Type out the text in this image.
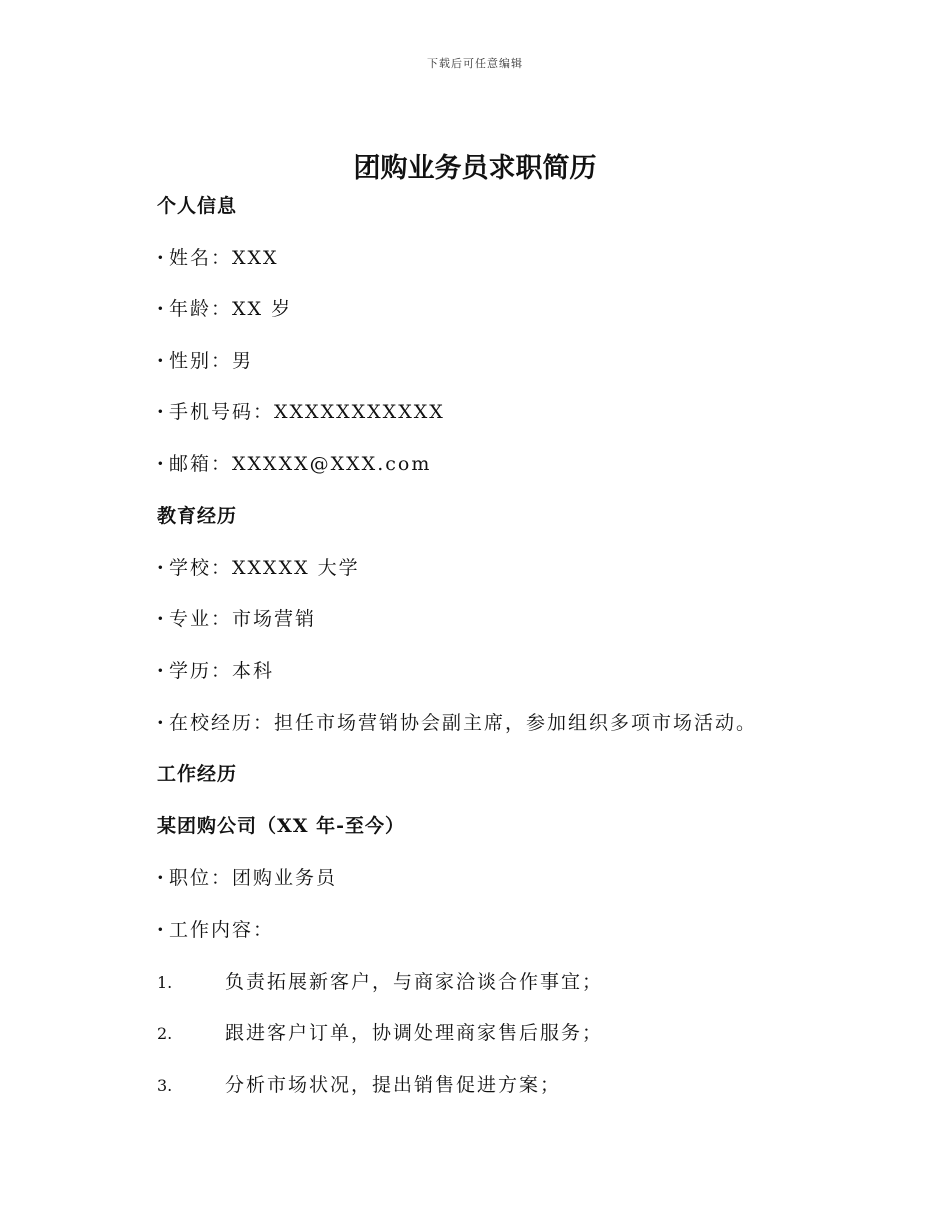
下载后可任意编辑
团购业务员求职简历
个人信息
· 姓名：XXX
· 年龄：XX 岁
· 性别：男
· 手机号码：XXXXXXXXXXX
· 邮箱：XXXXX@XXX.com
教育经历
· 学校：XXXXX 大学
· 专业：市场营销
· 学历：本科
· 在校经历：担任市场营销协会副主席，参加组织多项市场活动。
工作经历
某团购公司（XX 年-至今）
· 职位：团购业务员
· 工作内容：
1.	负责拓展新客户，与商家洽谈合作事宜；
2.	跟进客户订单，协调处理商家售后服务；
3.	分析市场状况，提出销售促进方案；
